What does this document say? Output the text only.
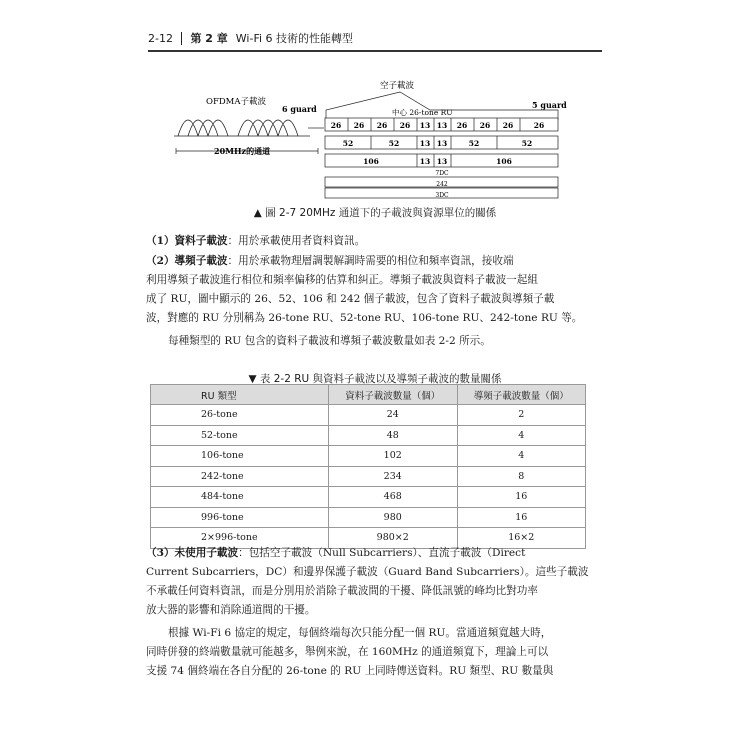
2-12 第 2 章 Wi-Fi 6 技術的性能轉型
OFDMA子載波
6 guard
空子載波
5 guard
中心 26-tone RU
20MHz的通道
26 26 26 26 13 13 26 26 26	26
52	52	13 13	52	52
106	13 13	106
7DC
242
3DC
▲ 圖 2-7 20MHz 通道下的子載波與資源單位的關係
（1）資料子載波：用於承載使用者資料資訊。
（2）導頻子載波：用於承載物理層調製解調時需要的相位和頻率資訊，接收端
利用導頻子載波進行相位和頻率偏移的估算和糾正。導頻子載波與資料子載波一起組
成了 RU，圖中顯示的 26、52、106 和 242 個子載波，包含了資料子載波與導頻子載
波，對應的 RU 分別稱為 26-tone RU、52-tone RU、106-tone RU、242-tone RU 等。
每種類型的 RU 包含的資料子載波和導頻子載波數量如表 2-2 所示。
▼ 表 2-2 RU 與資料子載波以及導頻子載波的數量關係
RU 類型	資料子載波數量（個）	導頻子載波數量（個）
26-tone	24	2
52-tone	48	4
106-tone	102	4
242-tone	234	8
484-tone	468	16
996-tone	980	16
2×996-tone	980×2	16×2
（3）未使用子載波：包括空子載波（Null Subcarriers）、直流子載波（Direct
Current Subcarriers，DC）和邊界保護子載波（Guard Band Subcarriers）。這些子載波
不承載任何資料資訊，而是分別用於消除子載波間的干擾、降低訊號的峰均比對功率
放大器的影響和消除通道間的干擾。
根據 Wi-Fi 6 協定的規定，每個終端每次只能分配一個 RU。當通道頻寬越大時，
同時併發的終端數量就可能越多，舉例來說，在 160MHz 的通道頻寬下，理論上可以
支援 74 個終端在各自分配的 26-tone 的 RU 上同時傳送資料。RU 類型、RU 數量與
